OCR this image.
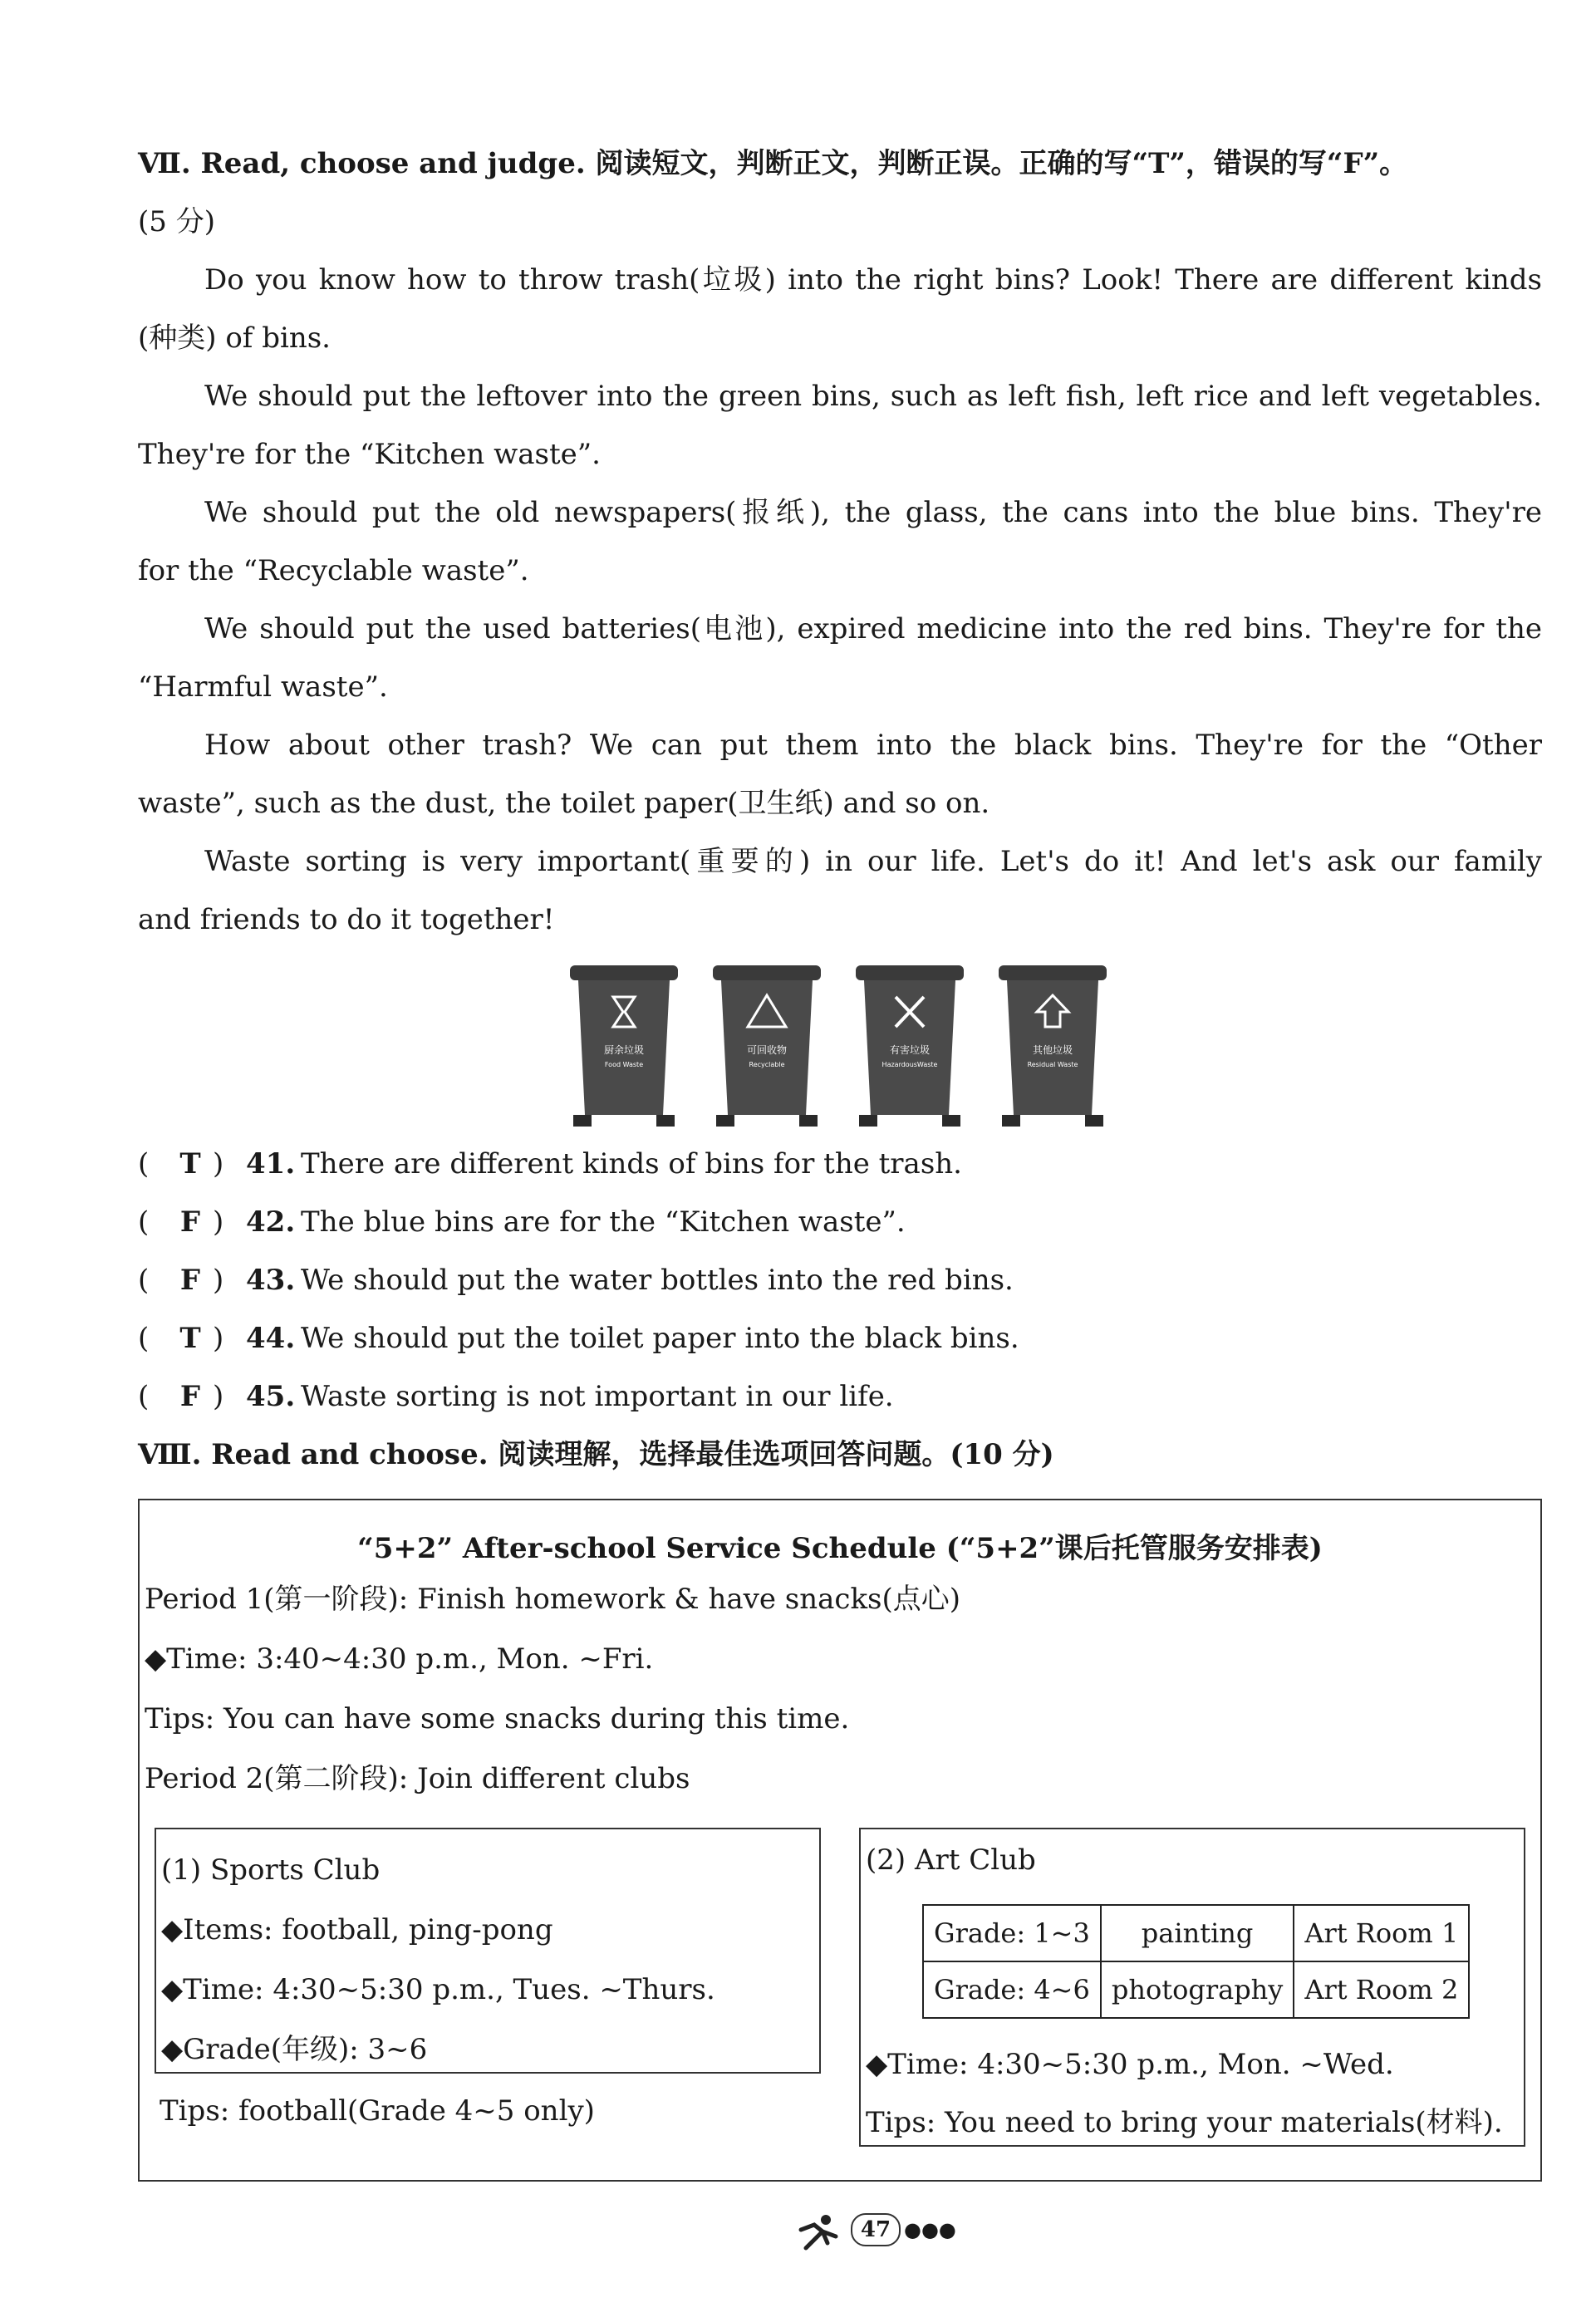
Ⅶ. Read, choose and judge. 阅读短文，判断正文，判断正误。正确的写“T”，错误的写“F”。
(5 分)
Do you know how to throw trash(垃圾) into the right bins? Look! There are different kinds
(种类) of bins.
We should put the leftover into the green bins, such as left fish, left rice and left vegetables.
They're for the “Kitchen waste”.
We should put the old newspapers(报纸), the glass, the cans into the blue bins. They're
for the “Recyclable waste”.
We should put the used batteries(电池), expired medicine into the red bins. They're for the
“Harmful waste”.
How about other trash? We can put them into the black bins. They're for the “Other
waste”, such as the dust, the toilet paper(卫生纸) and so on.
Waste sorting is very important(重要的) in our life. Let's do it! And let's ask our family
and friends to do it together!
厨余垃圾
Food Waste
可回收物
Recyclable
有害垃圾
HazardousWaste
其他垃圾
Residual Waste
( T ) 41. There are different kinds of bins for the trash.
( F ) 42. The blue bins are for the “Kitchen waste”.
( F ) 43. We should put the water bottles into the red bins.
( T ) 44. We should put the toilet paper into the black bins.
( F ) 45. Waste sorting is not important in our life.
Ⅷ. Read and choose. 阅读理解，选择最佳选项回答问题。(10 分)
“5+2” After-school Service Schedule (“5+2”课后托管服务安排表)
Period 1(第一阶段): Finish homework & have snacks(点心)
◆Time: 3:40~4:30 p.m., Mon. ~Fri.
Tips: You can have some snacks during this time.
Period 2(第二阶段): Join different clubs
(1) Sports Club
◆Items: football, ping-pong
◆Time: 4:30~5:30 p.m., Tues. ~Thurs.
◆Grade(年级): 3~6
Tips: football(Grade 4~5 only)
(2) Art Club
Grade: 1~3	painting	Art Room 1
Grade: 4~6	photography	Art Room 2
◆Time: 4:30~5:30 p.m., Mon. ~Wed.
Tips: You need to bring your materials(材料).
47 ●●●
